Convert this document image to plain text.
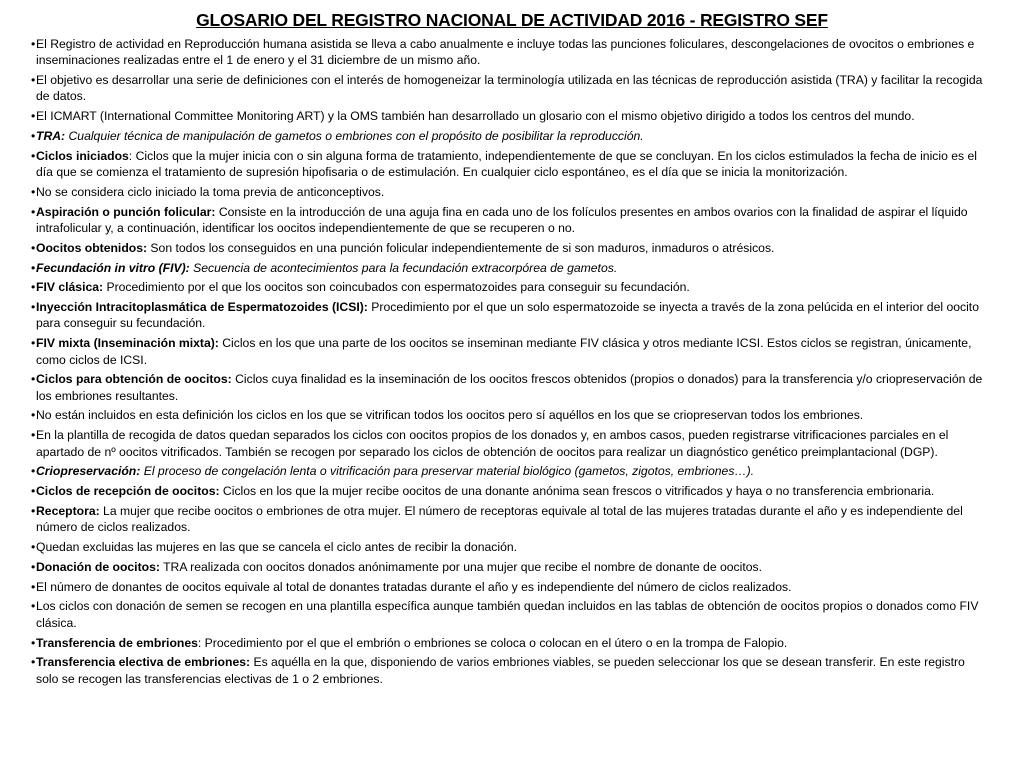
GLOSARIO DEL REGISTRO NACIONAL DE ACTIVIDAD 2016 - REGISTRO SEF
• El Registro de actividad en Reproducción humana asistida se lleva a cabo anualmente e incluye todas las punciones foliculares, descongelaciones de ovocitos o embriones e inseminaciones realizadas entre el 1 de enero y el 31 diciembre de un mismo año.
• El objetivo es desarrollar una serie de definiciones con el interés de homogeneizar la terminología utilizada en las técnicas de reproducción asistida (TRA) y facilitar la recogida de datos.
• El ICMART (International Committee Monitoring ART) y la OMS también han desarrollado un glosario con el mismo objetivo dirigido a todos los centros del mundo.
• TRA: Cualquier técnica de manipulación de gametos o embriones con el propósito de posibilitar la reproducción.
• Ciclos iniciados: Ciclos que la mujer inicia con o sin alguna forma de tratamiento, independientemente de que se concluyan. En los ciclos estimulados la fecha de inicio es el día que se comienza el tratamiento de supresión hipofisaria o de estimulación. En cualquier ciclo espontáneo, es el día que se inicia la monitorización.
• No se considera ciclo iniciado la toma previa de anticonceptivos.
• Aspiración o punción folicular: Consiste en la introducción de una aguja fina en cada uno de los folículos presentes en ambos ovarios con la finalidad de aspirar el líquido intrafolicular y, a continuación, identificar los oocitos independientemente de que se recuperen o no.
• Oocitos obtenidos: Son todos los conseguidos en una punción folicular independientemente de si son maduros, inmaduros o atrésicos.
• Fecundación in vitro (FIV): Secuencia de acontecimientos para la fecundación extracorpórea de gametos.
• FIV clásica: Procedimiento por el que los oocitos son coincubados con espermatozoides para conseguir su fecundación.
• Inyección Intracitoplasmática de Espermatozoides (ICSI): Procedimiento por el que un solo espermatozoide se inyecta a través de la zona pelúcida en el interior del oocito para conseguir su fecundación.
• FIV mixta (Inseminación mixta): Ciclos en los que una parte de los oocitos se inseminan mediante FIV clásica y otros mediante ICSI. Estos ciclos se registran, únicamente, como ciclos de ICSI.
• Ciclos para obtención de oocitos: Ciclos cuya finalidad es la inseminación de los oocitos frescos obtenidos (propios o donados) para la transferencia y/o criopreservación de los embriones resultantes.
• No están incluidos en esta definición los ciclos en los que se vitrifican todos los oocitos pero sí aquéllos en los que se criopreservan todos los embriones.
• En la plantilla de recogida de datos quedan separados los ciclos con oocitos propios de los donados y, en ambos casos, pueden registrarse vitrificaciones parciales en el apartado de nº oocitos vitrificados. También se recogen por separado los ciclos de obtención de oocitos para realizar un diagnóstico genético preimplantacional (DGP).
• Criopreservación: El proceso de congelación lenta o vitrificación para preservar material biológico (gametos, zigotos, embriones…).
• Ciclos de recepción de oocitos: Ciclos en los que la mujer recibe oocitos de una donante anónima sean frescos o vitrificados y haya o no transferencia embrionaria.
• Receptora: La mujer que recibe oocitos o embriones de otra mujer. El número de receptoras equivale al total de las mujeres tratadas durante el año y es independiente del número de ciclos realizados.
• Quedan excluidas las mujeres en las que se cancela el ciclo antes de recibir la donación.
• Donación de oocitos: TRA realizada con oocitos donados anónimamente por una mujer que recibe el nombre de donante de oocitos.
• El número de donantes de oocitos equivale al total de donantes tratadas durante el año y es independiente del número de ciclos realizados.
• Los ciclos con donación de semen se recogen en una plantilla específica aunque también quedan incluidos en las tablas de obtención de oocitos propios o donados como FIV clásica.
• Transferencia de embriones: Procedimiento por el que el embrión o embriones se coloca o colocan en el útero o en la trompa de Falopio.
• Transferencia electiva de embriones: Es aquélla en la que, disponiendo de varios embriones viables, se pueden seleccionar los que se desean transferir. En este registro solo se recogen las transferencias electivas de 1 o 2 embriones.
